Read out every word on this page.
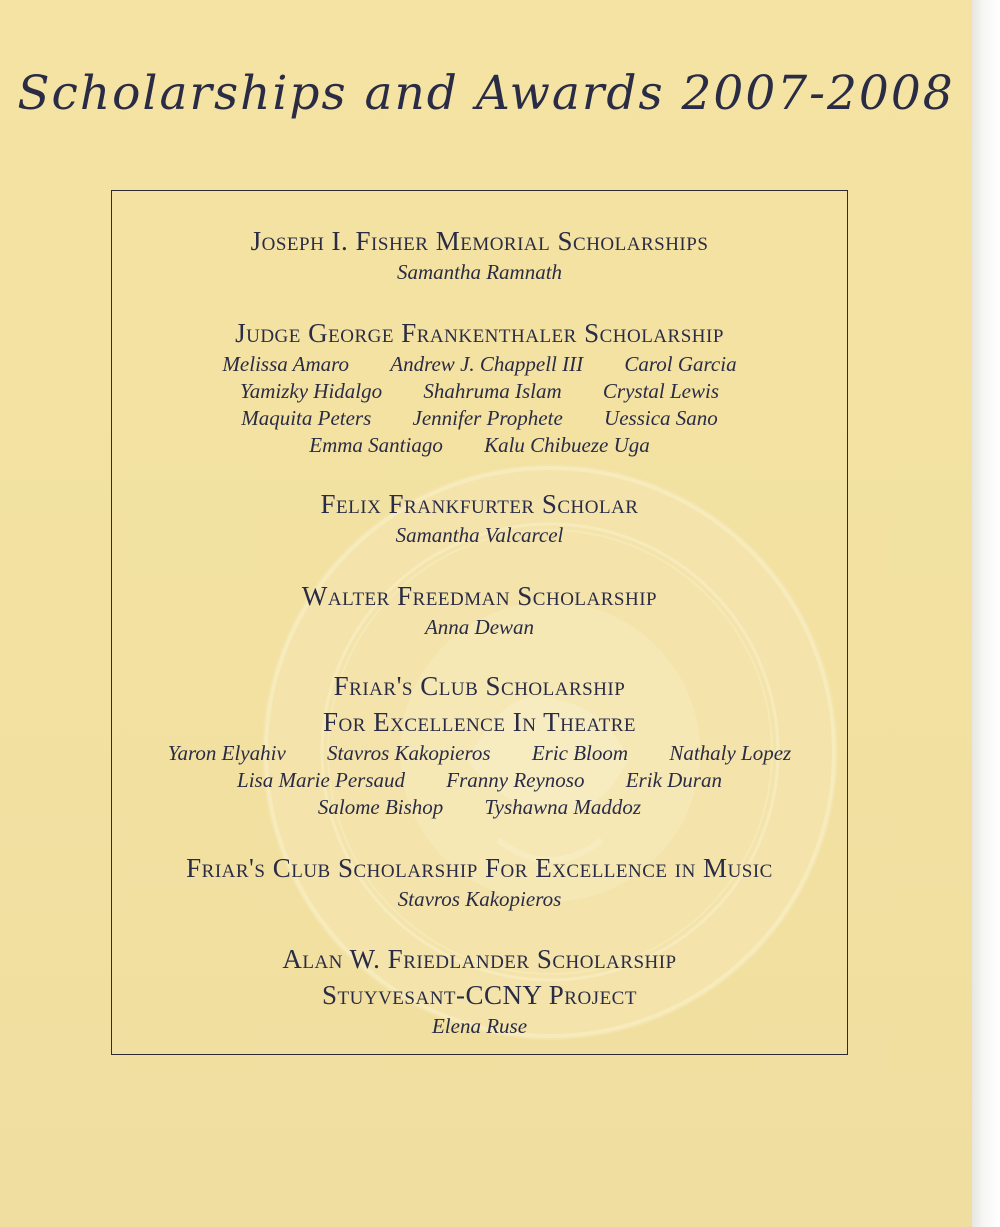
Scholarships and Awards 2007-2008
Joseph I. Fisher Memorial Scholarships
Samantha Ramnath
Judge George Frankenthaler Scholarship
Melissa Amaro Andrew J. Chappell III Carol Garcia
Yamizky Hidalgo Shahruma Islam Crystal Lewis
Maquita Peters Jennifer Prophete Uessica Sano
Emma Santiago Kalu Chibueze Uga
Felix Frankfurter Scholar
Samantha Valcarcel
Walter Freedman Scholarship
Anna Dewan
Friar's Club Scholarship
For Excellence In Theatre
Yaron Elyahiv Stavros Kakopieros Eric Bloom Nathaly Lopez
Lisa Marie Persaud Franny Reynoso Erik Duran
Salome Bishop Tyshawna Maddoz
Friar's Club Scholarship For Excellence in Music
Stavros Kakopieros
Alan W. Friedlander Scholarship
Stuyvesant-CCNY Project
Elena Ruse
